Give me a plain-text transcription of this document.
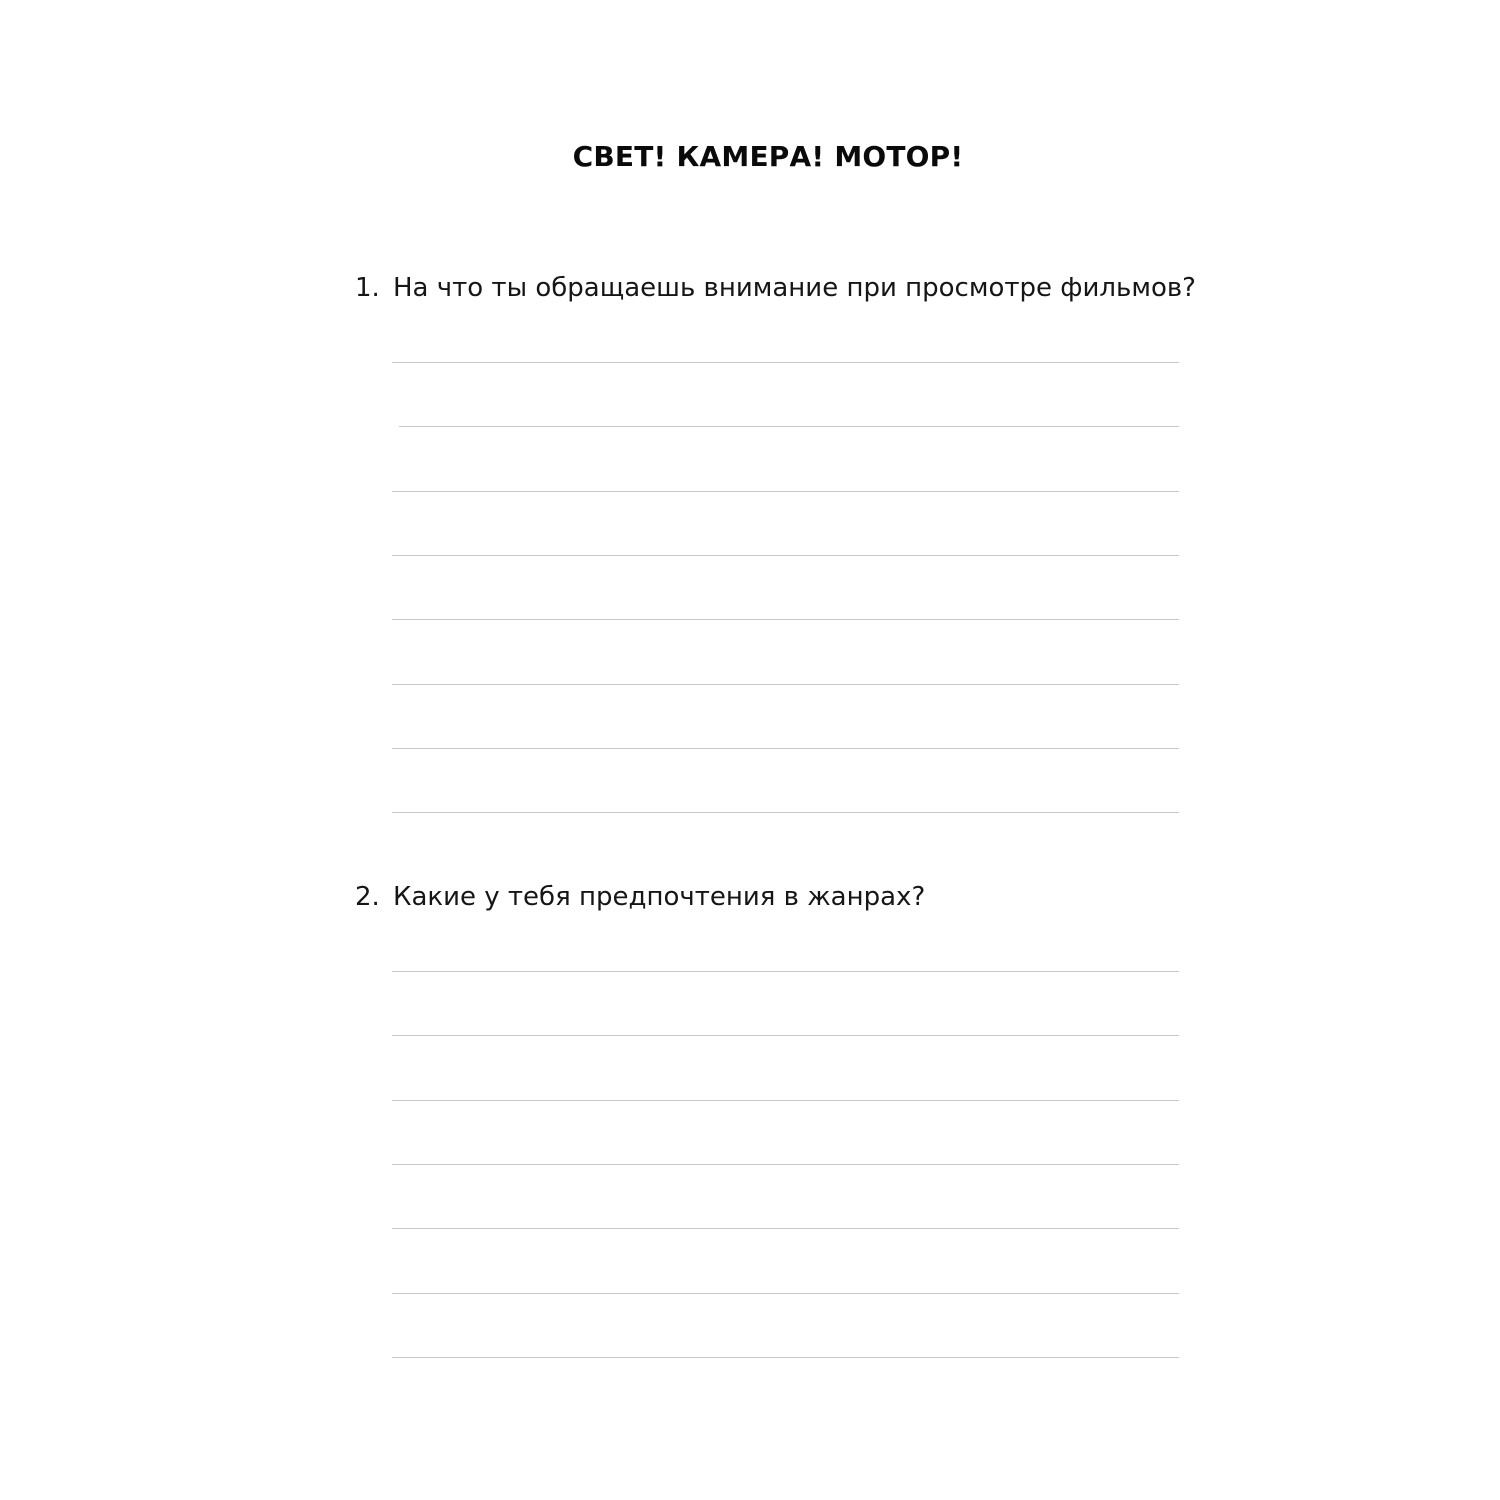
СВЕТ! КАМЕРА! МОТОР!
1. На что ты обращаешь внимание при просмотре фильмов?
2. Какие у тебя предпочтения в жанрах?
